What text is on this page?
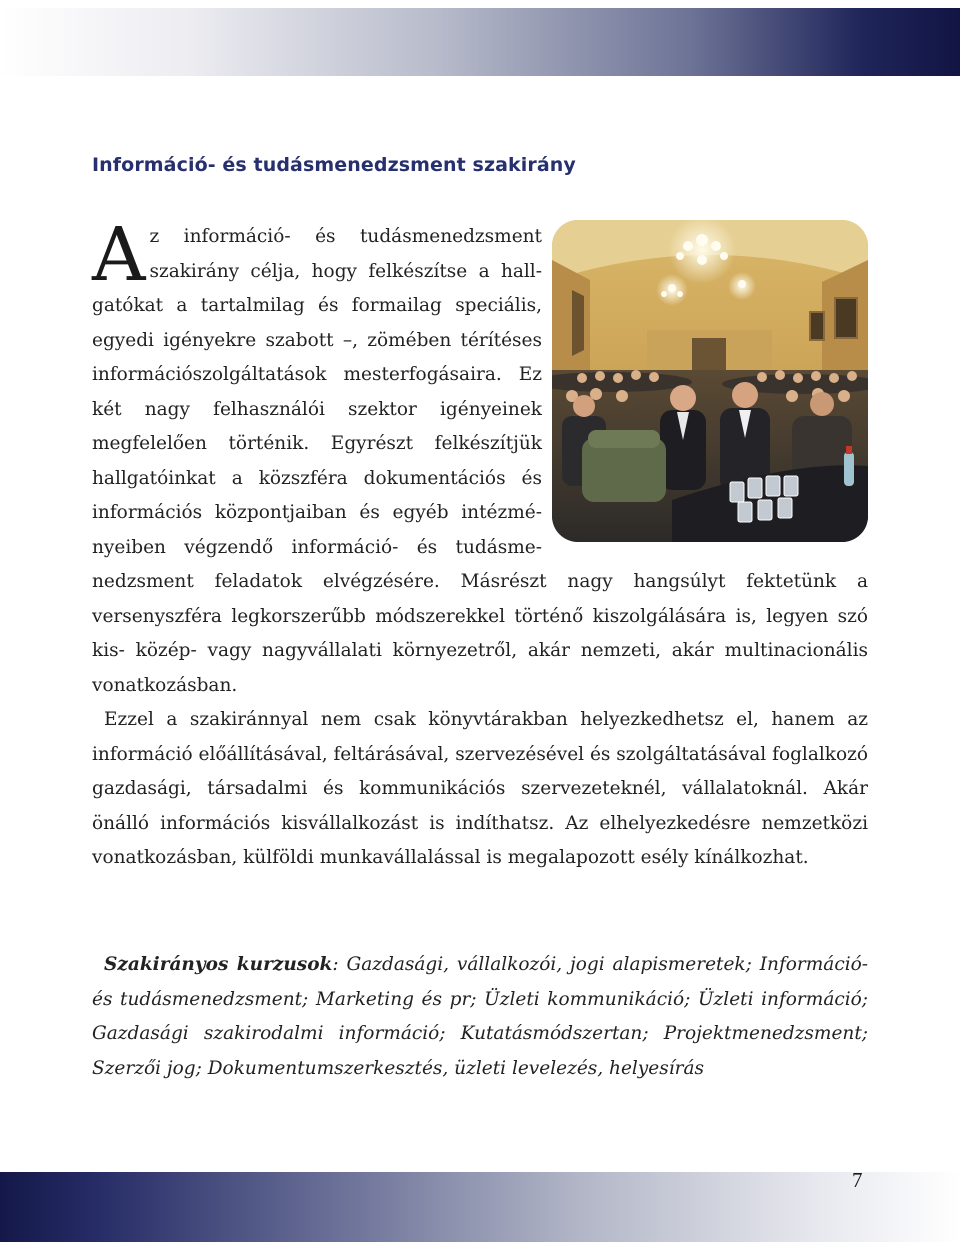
Információ- és tudásmenedzsment szakirány

Az információ- és tudásmenedzsment szakirány célja, hogy felkészítse a hallgatókat a tartalmilag és formailag speciális, egyedi igényekre szabott –, zömében térítéses információszolgáltatások mesterfogásaira. Ez két nagy felhasználói szektor igényeinek megfelelően történik. Egyrészt felkészítjük hallgatóinkat a közszféra dokumentációs és információs központjaiban és egyéb intézményeiben végzendő információ- és tudásmenedzsment feladatok elvégzésére. Másrészt nagy hangsúlyt fektetünk a versenyszféra legkorszerűbb módszerekkel történő kiszolgálására is, legyen szó kis- közép- vagy nagyvállalati környezetről, akár nemzeti, akár multinacionális vonatkozásban.

Ezzel a szakiránnyal nem csak könyvtárakban helyezkedhetsz el, hanem az információ előállításával, feltárásával, szervezésével és szolgáltatásával foglalkozó gazdasági, társadalmi és kommunikációs szervezeteknél, vállalatoknál. Akár önálló információs kisvállalkozást is indíthatsz. Az elhelyezkedésre nemzetközi vonatkozásban, külföldi munkavállalással is megalapozott esély kínálkozhat.

Szakirányos kurzusok: Gazdasági, vállalkozói, jogi alapismeretek; Információ- és tudásmenedzsment; Marketing és pr; Üzleti kommunikáció; Üzleti információ; Gazdasági szakirodalmi információ; Kutatásmódszertan; Projektmenedzsment; Szerzői jog; Dokumentumszerkesztés, üzleti levelezés, helyesírás
7
